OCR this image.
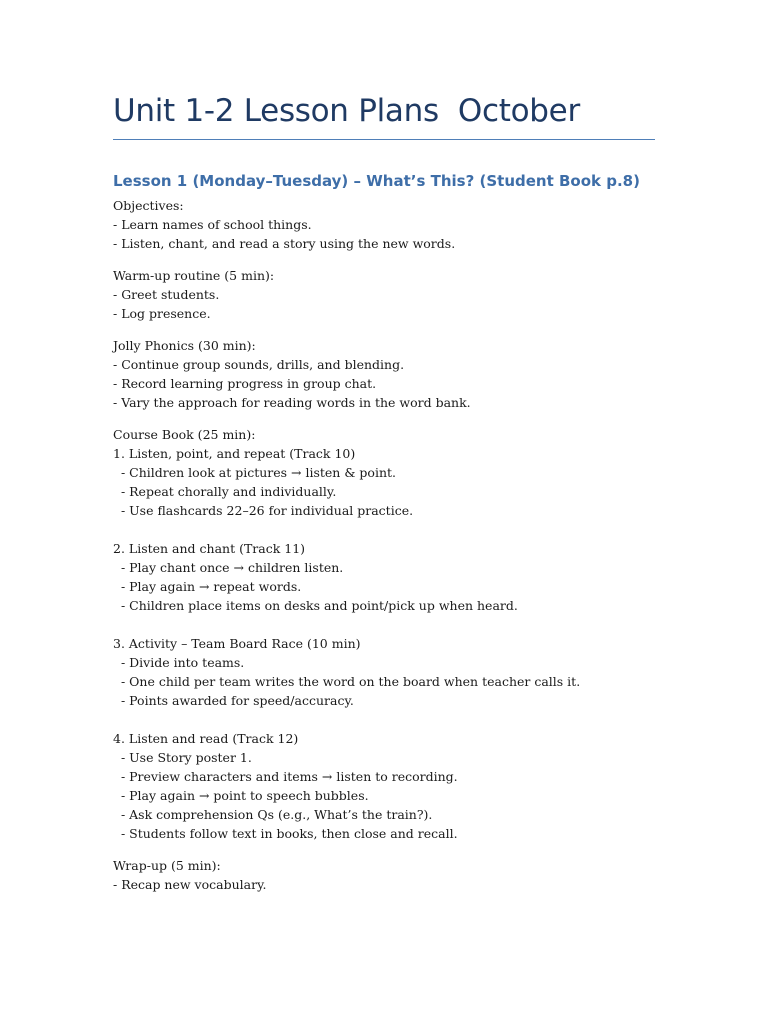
Unit 1-2 Lesson Plans  October
Lesson 1 (Monday–Tuesday) – What’s This? (Student Book p.8)
Objectives:
- Learn names of school things.
- Listen, chant, and read a story using the new words.
Warm-up routine (5 min):
- Greet students.
- Log presence.
Jolly Phonics (30 min):
- Continue group sounds, drills, and blending.
- Record learning progress in group chat.
- Vary the approach for reading words in the word bank.
Course Book (25 min):
1. Listen, point, and repeat (Track 10)
- Children look at pictures → listen & point.
- Repeat chorally and individually.
- Use flashcards 22–26 for individual practice.
2. Listen and chant (Track 11)
- Play chant once → children listen.
- Play again → repeat words.
- Children place items on desks and point/pick up when heard.
3. Activity – Team Board Race (10 min)
- Divide into teams.
- One child per team writes the word on the board when teacher calls it.
- Points awarded for speed/accuracy.
4. Listen and read (Track 12)
- Use Story poster 1.
- Preview characters and items → listen to recording.
- Play again → point to speech bubbles.
- Ask comprehension Qs (e.g., What’s the train?).
- Students follow text in books, then close and recall.
Wrap-up (5 min):
- Recap new vocabulary.
